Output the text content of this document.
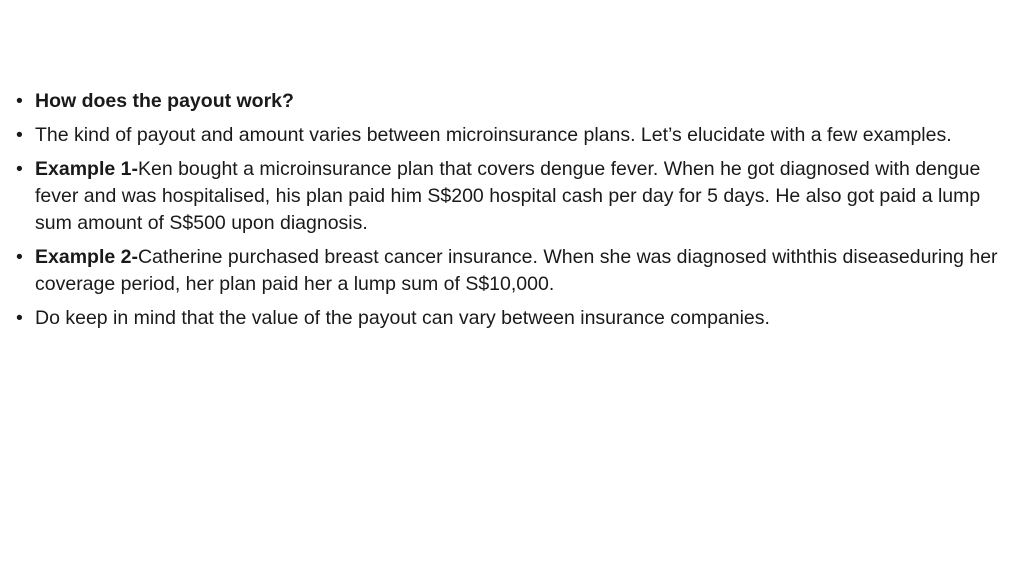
• How does the payout work?
• The kind of payout and amount varies between microinsurance plans. Let’s elucidate with a few examples.
• Example 1-Ken bought a microinsurance plan that covers dengue fever. When he got diagnosed with dengue fever and was hospitalised, his plan paid him S$200 hospital cash per day for 5 days. He also got paid a lump sum amount of S$500 upon diagnosis.
• Example 2-Catherine purchased breast cancer insurance. When she was diagnosed withthis diseaseduring her coverage period, her plan paid her a lump sum of S$10,000.
• Do keep in mind that the value of the payout can vary between insurance companies.
